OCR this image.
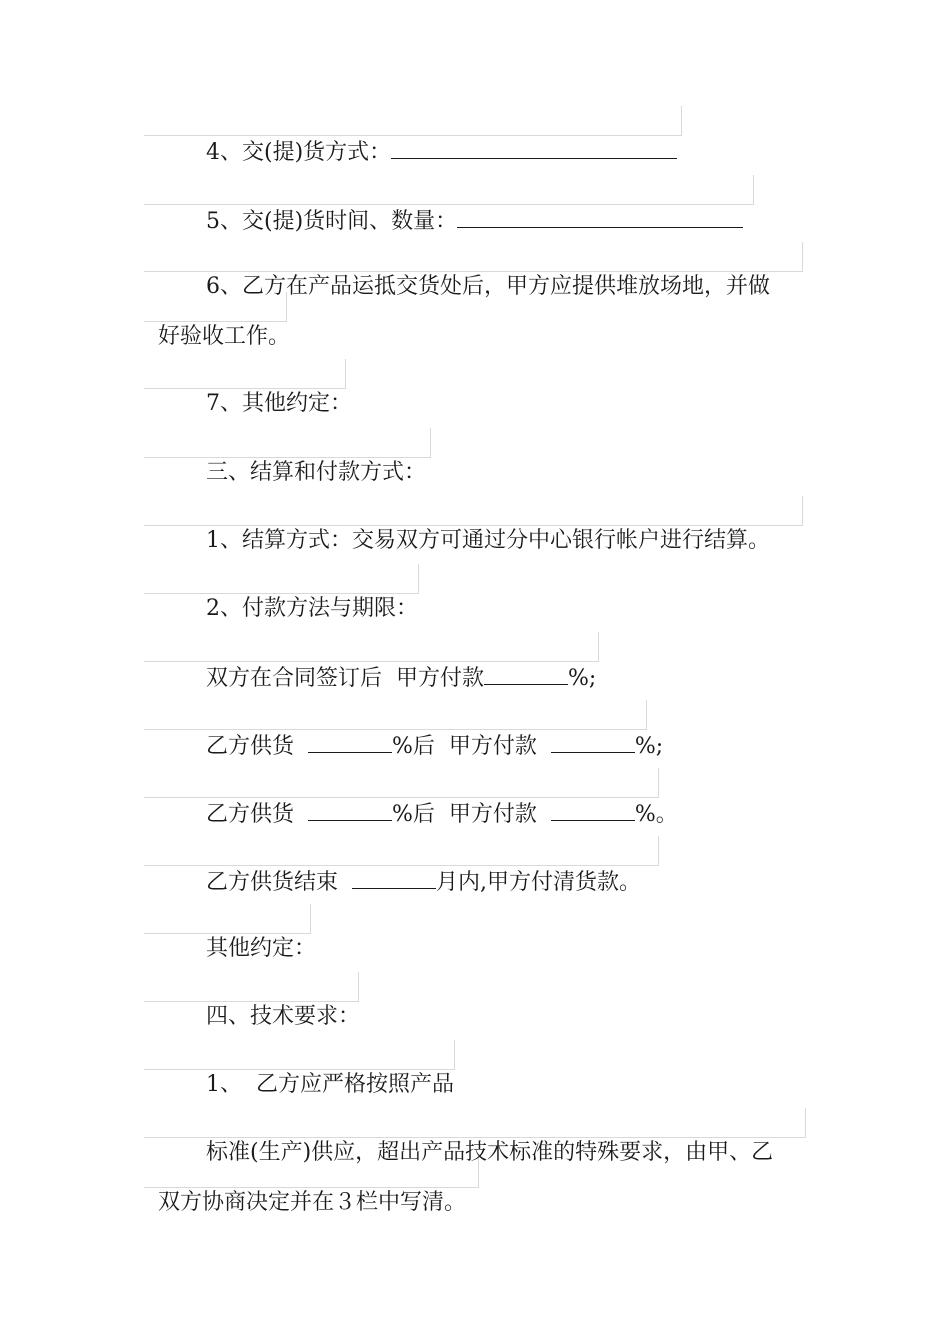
4、交(提)货方式：

5、交(提)货时间、数量：

6、乙方在产品运抵交货处后，甲方应提供堆放场地，并做

好验收工作。

7、其他约定：

三、结算和付款方式：

1、结算方式：交易双方可通过分中心银行帐户进行结算。

2、付款方法与期限：

双方在合同签订后  甲方付款	%;

乙方供货	%后  甲方付款	%;

乙方供货	%后  甲方付款	%。

乙方供货结束	月内,甲方付清货款。

其他约定：

四、技术要求：

1、  乙方应严格按照产品

标准(生产)供应，超出产品技术标准的特殊要求，由甲、乙

双方协商决定并在３栏中写清。
